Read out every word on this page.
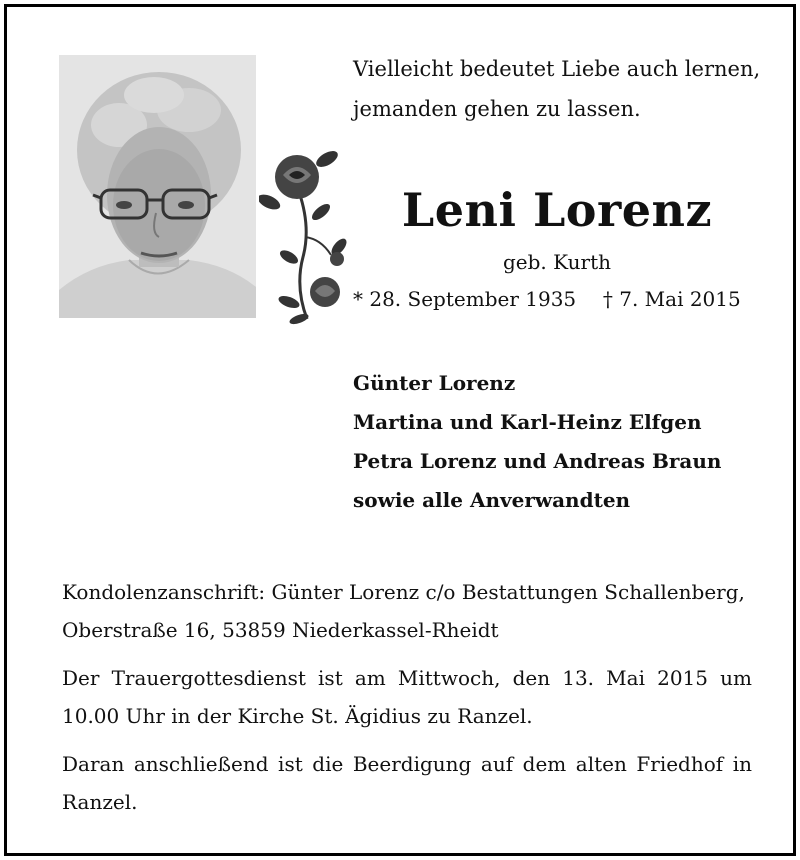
Vielleicht bedeutet Liebe auch lernen,
jemanden gehen zu lassen.
Leni Lorenz
geb. Kurth
* 28. September 1935 † 7. Mai 2015
Günter Lorenz
Martina und Karl-Heinz Elfgen
Petra Lorenz und Andreas Braun
sowie alle Anverwandten

Kondolenzanschrift: Günter Lorenz c/o Bestattungen Schallenberg,
Oberstraße 16, 53859 Niederkassel-Rheidt

Der Trauergottesdienst ist am Mittwoch, den 13. Mai 2015 um 10.00 Uhr in der Kirche St. Ägidius zu Ranzel.

Daran anschließend ist die Beerdigung auf dem alten Friedhof in Ranzel.
